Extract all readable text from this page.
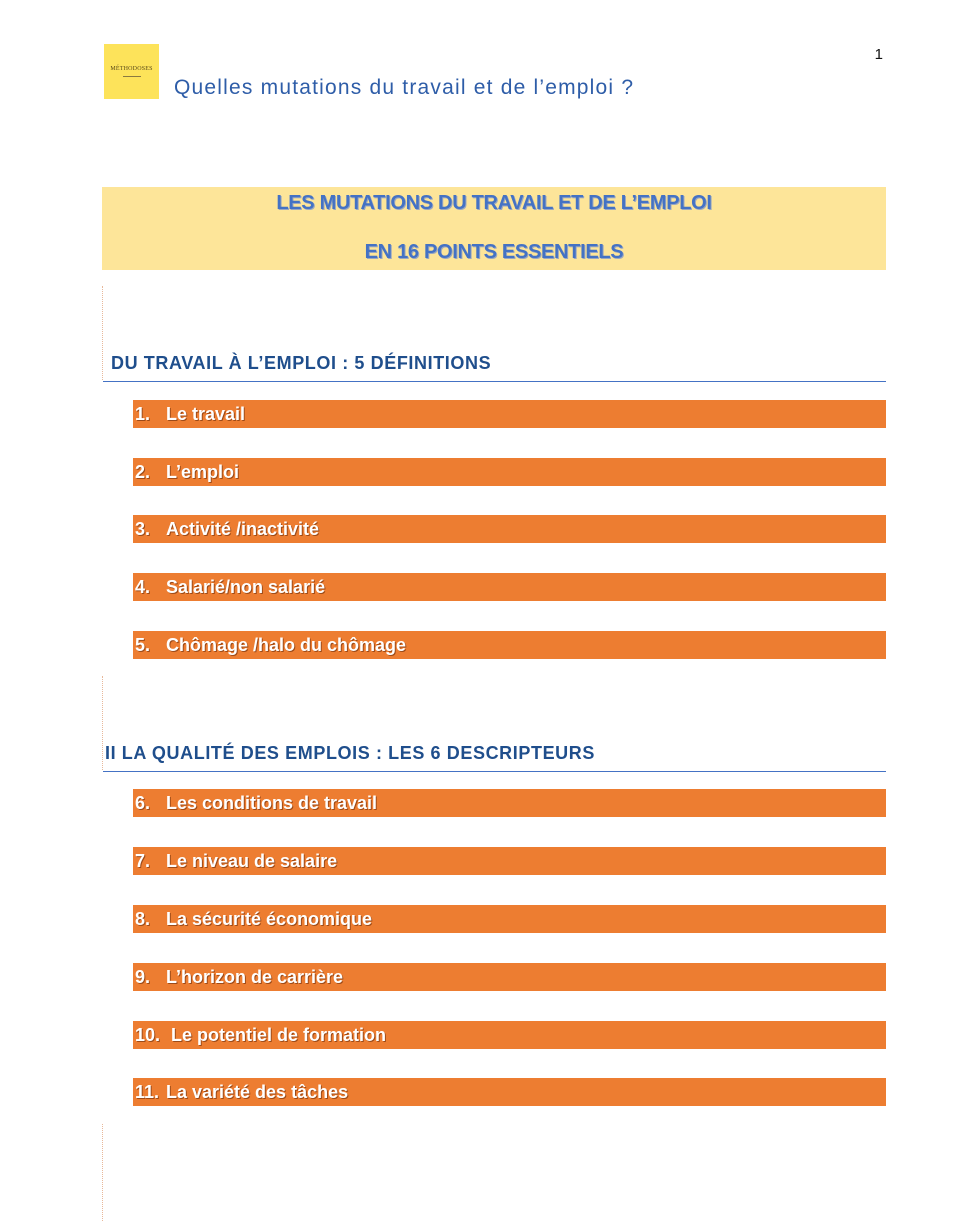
1
MÉTHODOSES
Quelles mutations du travail et de l’emploi ?
LES MUTATIONS DU TRAVAIL ET DE L’EMPLOI
EN 16 POINTS ESSENTIELS
DU TRAVAIL À L’EMPLOI : 5 DÉFINITIONS
1. Le travail
2. L’emploi
3. Activité /inactivité
4. Salarié/non salarié
5. Chômage /halo du chômage
II LA QUALITÉ DES EMPLOIS : LES 6 DESCRIPTEURS
6. Les conditions de travail
7. Le niveau de salaire
8. La sécurité économique
9. L’horizon de carrière
10. Le potentiel de formation
11. La variété des tâches
